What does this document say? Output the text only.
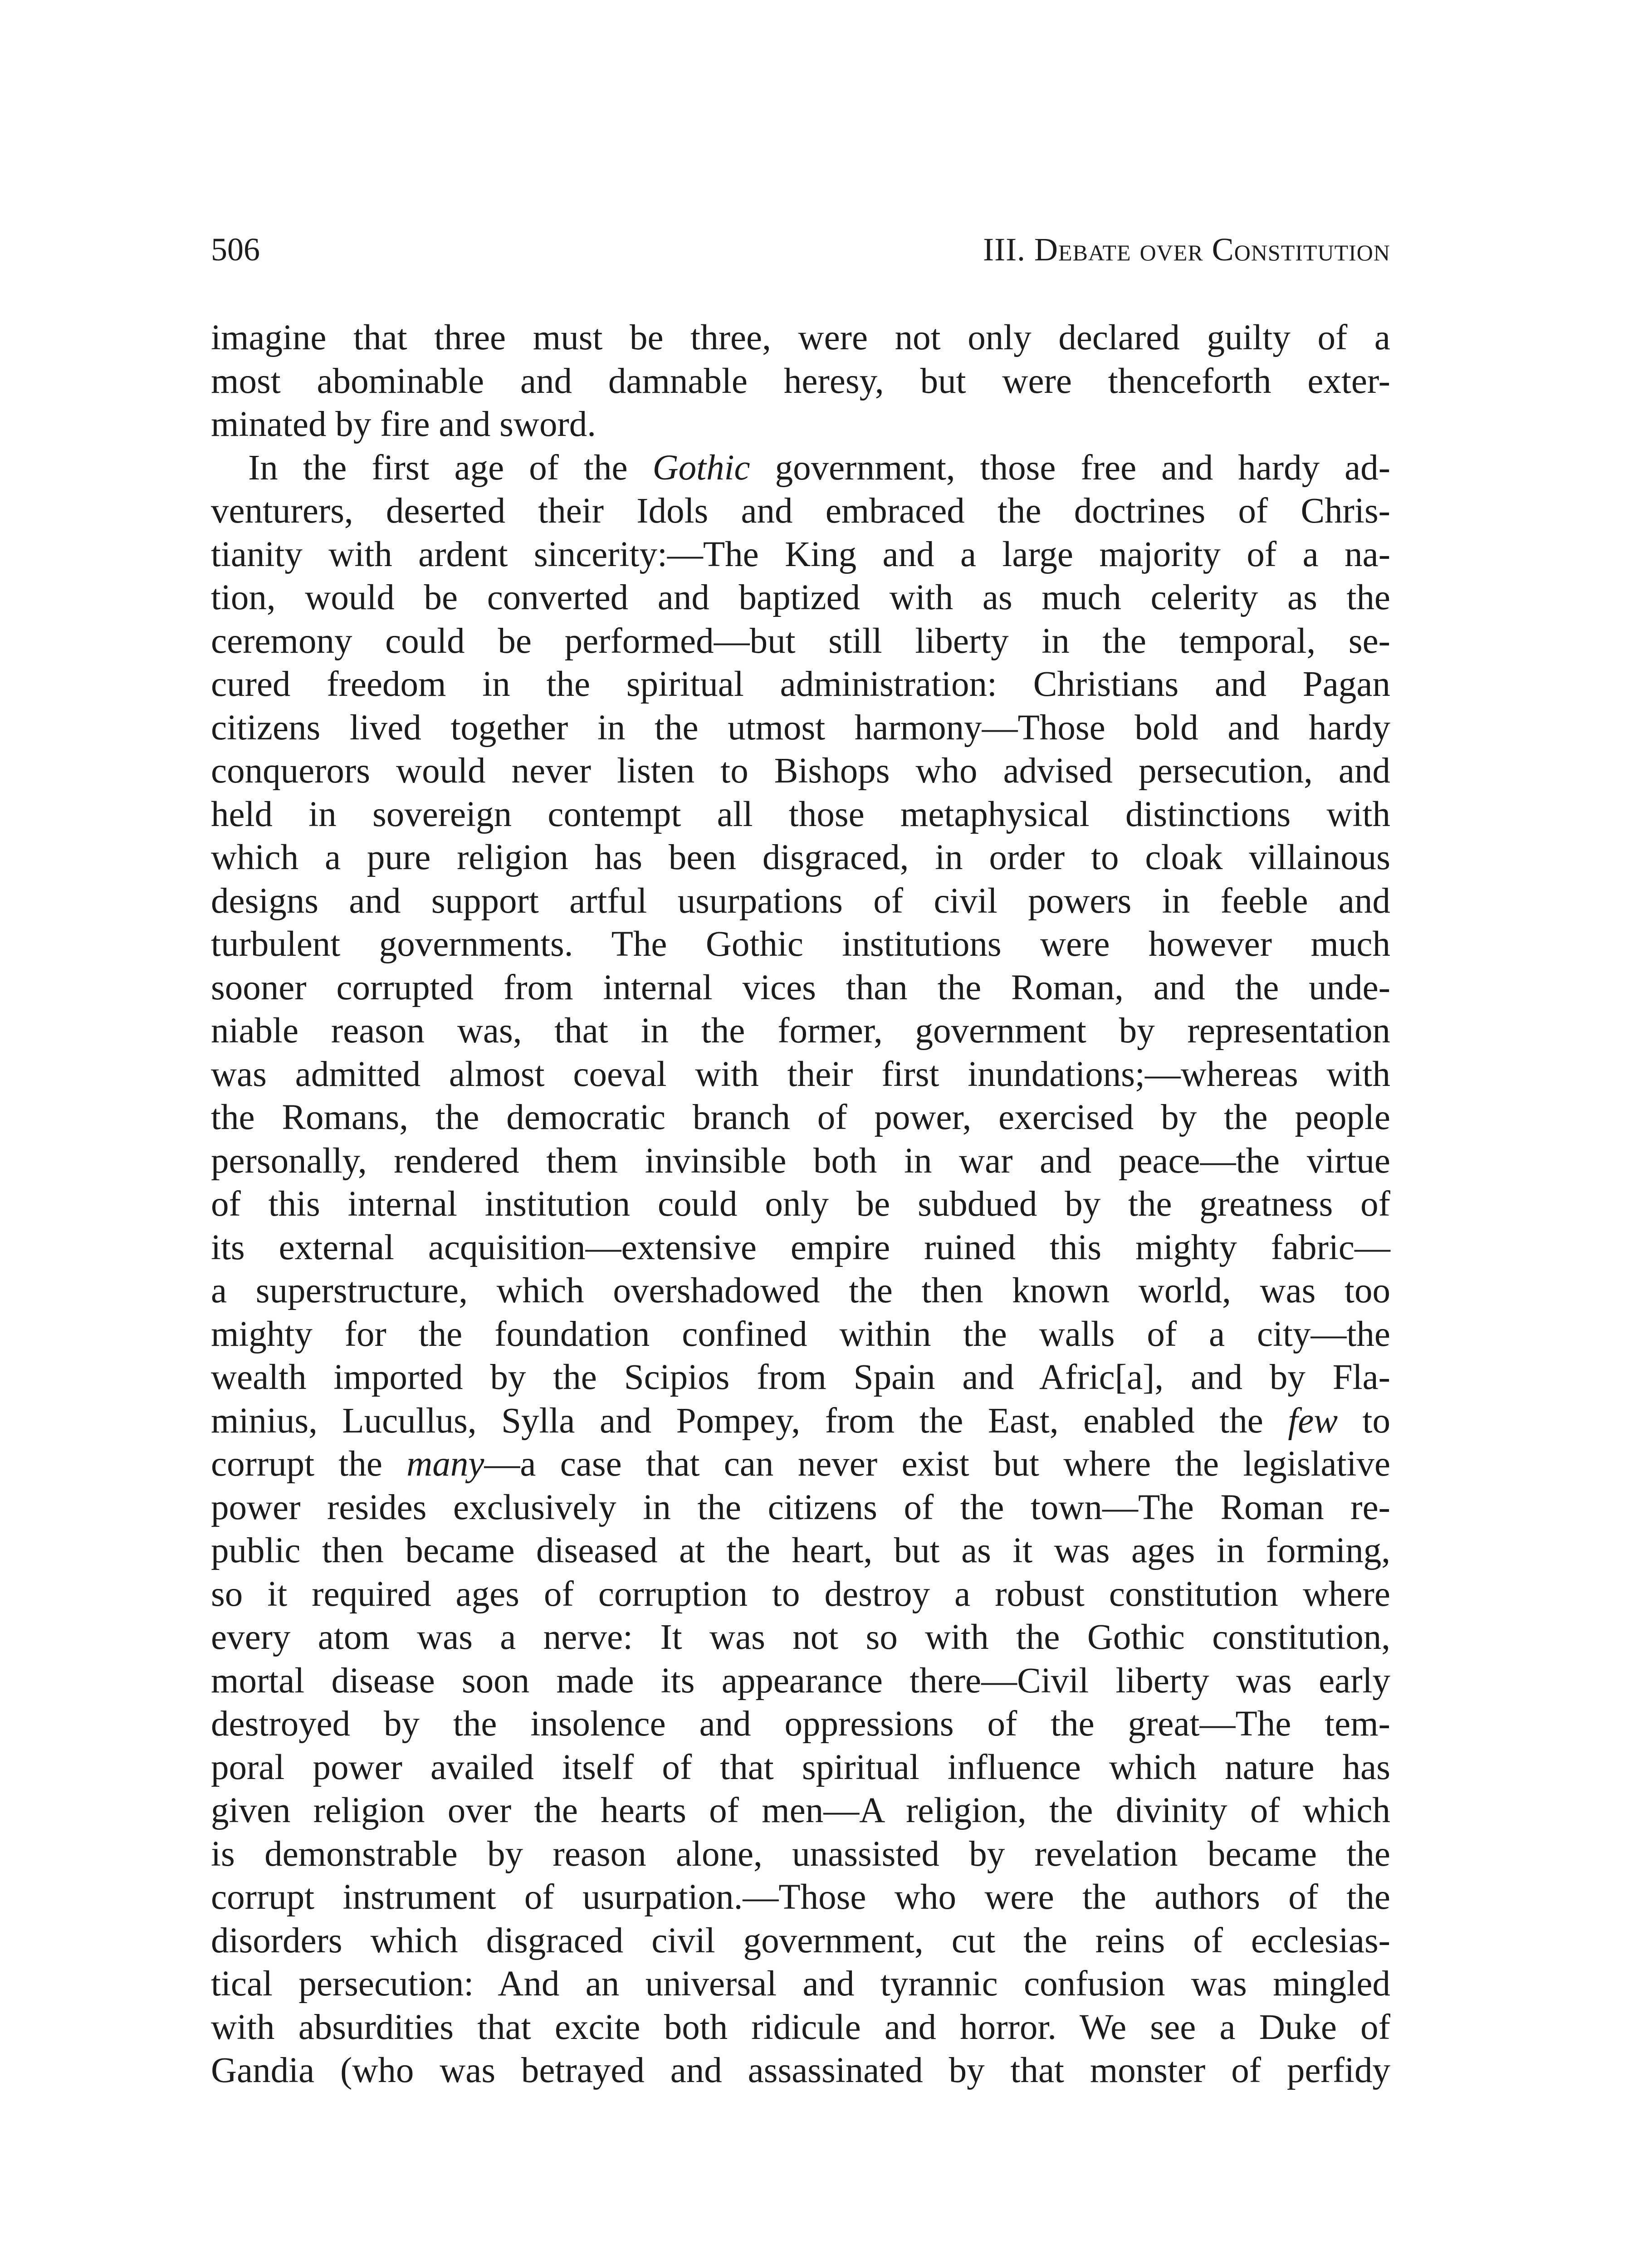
506	III. Debate over Constitution
imagine that three must be three, were not only declared guilty of a
most abominable and damnable heresy, but were thenceforth exter-
minated by fire and sword.
In the first age of the Gothic government, those free and hardy ad-
venturers, deserted their Idols and embraced the doctrines of Chris-
tianity with ardent sincerity:—The King and a large majority of a na-
tion, would be converted and baptized with as much celerity as the
ceremony could be performed—but still liberty in the temporal, se-
cured freedom in the spiritual administration: Christians and Pagan
citizens lived together in the utmost harmony—Those bold and hardy
conquerors would never listen to Bishops who advised persecution, and
held in sovereign contempt all those metaphysical distinctions with
which a pure religion has been disgraced, in order to cloak villainous
designs and support artful usurpations of civil powers in feeble and
turbulent governments. The Gothic institutions were however much
sooner corrupted from internal vices than the Roman, and the unde-
niable reason was, that in the former, government by representation
was admitted almost coeval with their first inundations;—whereas with
the Romans, the democratic branch of power, exercised by the people
personally, rendered them invinsible both in war and peace—the virtue
of this internal institution could only be subdued by the greatness of
its external acquisition—extensive empire ruined this mighty fabric—
a superstructure, which overshadowed the then known world, was too
mighty for the foundation confined within the walls of a city—the
wealth imported by the Scipios from Spain and Afric[a], and by Fla-
minius, Lucullus, Sylla and Pompey, from the East, enabled the few to
corrupt the many—a case that can never exist but where the legislative
power resides exclusively in the citizens of the town—The Roman re-
public then became diseased at the heart, but as it was ages in forming,
so it required ages of corruption to destroy a robust constitution where
every atom was a nerve: It was not so with the Gothic constitution,
mortal disease soon made its appearance there—Civil liberty was early
destroyed by the insolence and oppressions of the great—The tem-
poral power availed itself of that spiritual influence which nature has
given religion over the hearts of men—A religion, the divinity of which
is demonstrable by reason alone, unassisted by revelation became the
corrupt instrument of usurpation.—Those who were the authors of the
disorders which disgraced civil government, cut the reins of ecclesias-
tical persecution: And an universal and tyrannic confusion was mingled
with absurdities that excite both ridicule and horror. We see a Duke of
Gandia (who was betrayed and assassinated by that monster of perfidy
